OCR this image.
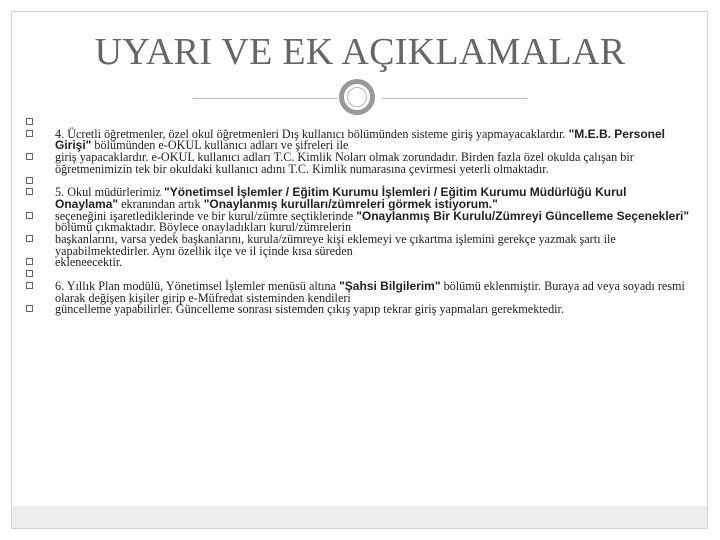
UYARI VE EK AÇIKLAMALAR

4. Ücretli öğretmenler, özel okul öğretmenleri Dış kullanıcı bölümünden sisteme giriş yapmayacaklardır. "M.E.B. Personel Girişi" bölümünden e-OKUL kullanıcı adları ve şifreleri ile
giriş yapacaklardır. e-OKUL kullanıcı adları T.C. Kimlik Noları olmak zorundadır. Birden fazla özel okulda çalışan bir öğretmenimizin tek bir okuldaki kullanıcı adını T.C. Kimlik numarasına çevirmesi yeterli olmaktadır.

5. Okul müdürlerimiz "Yönetimsel İşlemler / Eğitim Kurumu İşlemleri / Eğitim Kurumu Müdürlüğü Kurul Onaylama" ekranından artık "Onaylanmış kurulları/zümreleri görmek istiyorum."
seçeneğini işaretlediklerinde ve bir kurul/zümre seçtiklerinde "Onaylanmış Bir Kurulu/Zümreyi Güncelleme Seçenekleri" bölümü çıkmaktadır. Böylece onayladıkları kurul/zümrelerin
başkanlarını, varsa yedek başkanlarını, kurula/zümreye kişi eklemeyi ve çıkartma işlemini gerekçe yazmak şartı ile yapabilmektedirler. Aynı özellik ilçe ve il içinde kısa süreden
ekleneecektir.

6. Yıllık Plan modülü, Yönetimsel İşlemler menüsü altına "Şahsi Bilgilerim" bölümü eklenmiştir. Buraya ad veya soyadı resmi olarak değişen kişiler girip e-Müfredat sisteminden kendileri
güncelleme yapabilirler. Güncelleme sonrası sistemden çıkış yapıp tekrar giriş yapmaları gerekmektedir.
